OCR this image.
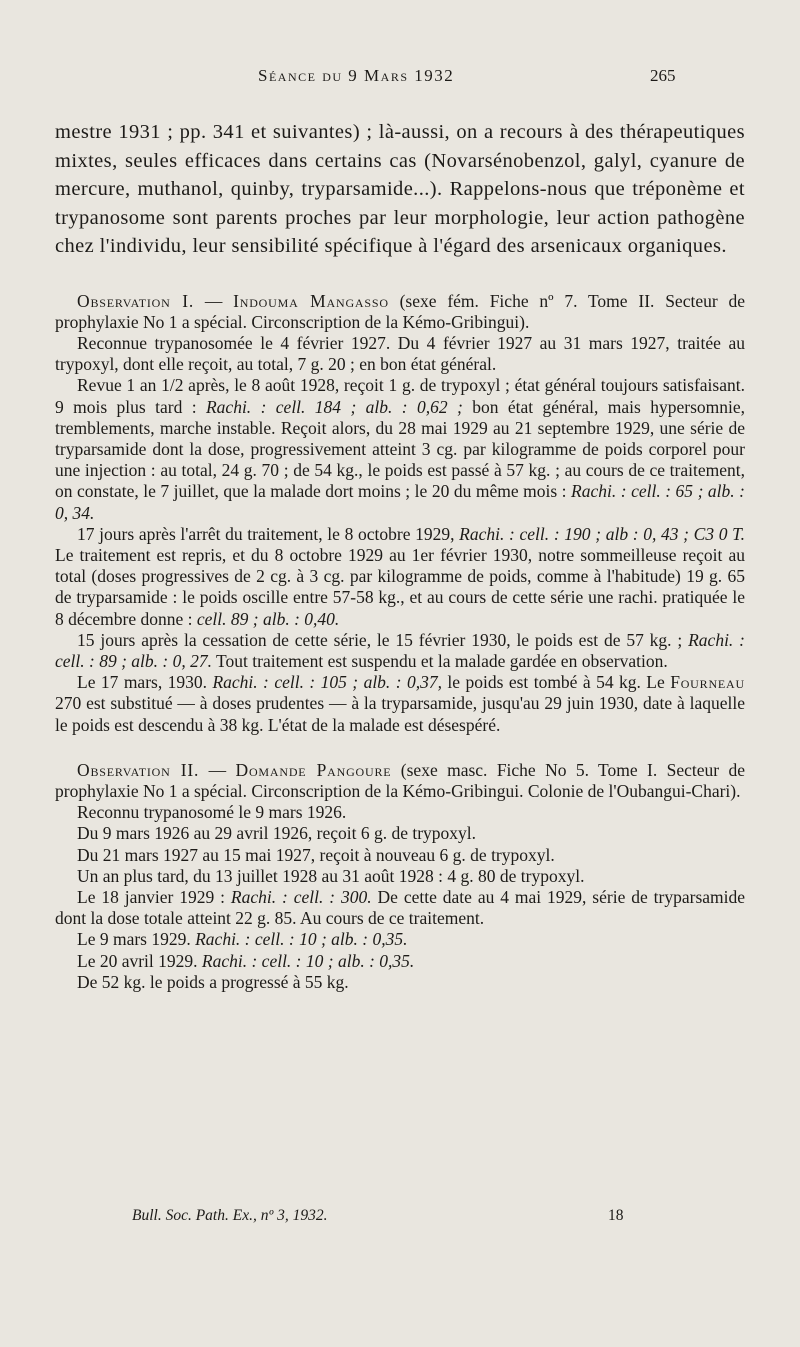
Séance du 9 Mars 1932	265

mestre 1931 ; pp. 341 et suivantes) ; là-aussi, on a recours à des thérapeutiques mixtes, seules efficaces dans certains cas (Novarsénobenzol, galyl, cyanure de mercure, muthanol, quinby, tryparsamide...). Rappelons-nous que tréponème et trypanosome sont parents proches par leur morphologie, leur action pathogène chez l'individu, leur sensibilité spécifique à l'égard des arsenicaux organiques.

Observation I. — Indouma Mangasso (sexe fém. Fiche nº 7. Tome II. Secteur de prophylaxie No 1 a spécial. Circonscription de la Kémo-Gribingui).

Reconnue trypanosomée le 4 février 1927. Du 4 février 1927 au 31 mars 1927, traitée au trypoxyl, dont elle reçoit, au total, 7 g. 20 ; en bon état général.

Revue 1 an 1/2 après, le 8 août 1928, reçoit 1 g. de trypoxyl ; état général toujours satisfaisant. 9 mois plus tard : Rachi. : cell. 184 ; alb. : 0,62 ; bon état général, mais hypersomnie, tremblements, marche instable. Reçoit alors, du 28 mai 1929 au 21 septembre 1929, une série de tryparsamide dont la dose, progressivement atteint 3 cg. par kilogramme de poids corporel pour une injection : au total, 24 g. 70 ; de 54 kg., le poids est passé à 57 kg. ; au cours de ce traitement, on constate, le 7 juillet, que la malade dort moins ; le 20 du même mois : Rachi. : cell. : 65 ; alb. : 0, 34.

17 jours après l'arrêt du traitement, le 8 octobre 1929, Rachi. : cell. : 190 ; alb : 0, 43 ; C3 0 T. Le traitement est repris, et du 8 octobre 1929 au 1er février 1930, notre sommeilleuse reçoit au total (doses progressives de 2 cg. à 3 cg. par kilogramme de poids, comme à l'habitude) 19 g. 65 de tryparsamide : le poids oscille entre 57-58 kg., et au cours de cette série une rachi. pratiquée le 8 décembre donne : cell. 89 ; alb. : 0,40.

15 jours après la cessation de cette série, le 15 février 1930, le poids est de 57 kg. ; Rachi. : cell. : 89 ; alb. : 0, 27. Tout traitement est suspendu et la malade gardée en observation.

Le 17 mars, 1930. Rachi. : cell. : 105 ; alb. : 0,37, le poids est tombé à 54 kg. Le Fourneau 270 est substitué — à doses prudentes — à la tryparsamide, jusqu'au 29 juin 1930, date à laquelle le poids est descendu à 38 kg. L'état de la malade est désespéré.

Observation II. — Domande Pangoure (sexe masc. Fiche No 5. Tome I. Secteur de prophylaxie No 1 a spécial. Circonscription de la Kémo-Gribingui. Colonie de l'Oubangui-Chari).

Reconnu trypanosomé le 9 mars 1926.

Du 9 mars 1926 au 29 avril 1926, reçoit 6 g. de trypoxyl.

Du 21 mars 1927 au 15 mai 1927, reçoit à nouveau 6 g. de trypoxyl.

Un an plus tard, du 13 juillet 1928 au 31 août 1928 : 4 g. 80 de trypoxyl.

Le 18 janvier 1929 : Rachi. : cell. : 300. De cette date au 4 mai 1929, série de tryparsamide dont la dose totale atteint 22 g. 85. Au cours de ce traitement.

Le 9 mars 1929. Rachi. : cell. : 10 ; alb. : 0,35.

Le 20 avril 1929. Rachi. : cell. : 10 ; alb. : 0,35.

De 52 kg. le poids a progressé à 55 kg.

Bull. Soc. Path. Ex., nº 3, 1932.	18
